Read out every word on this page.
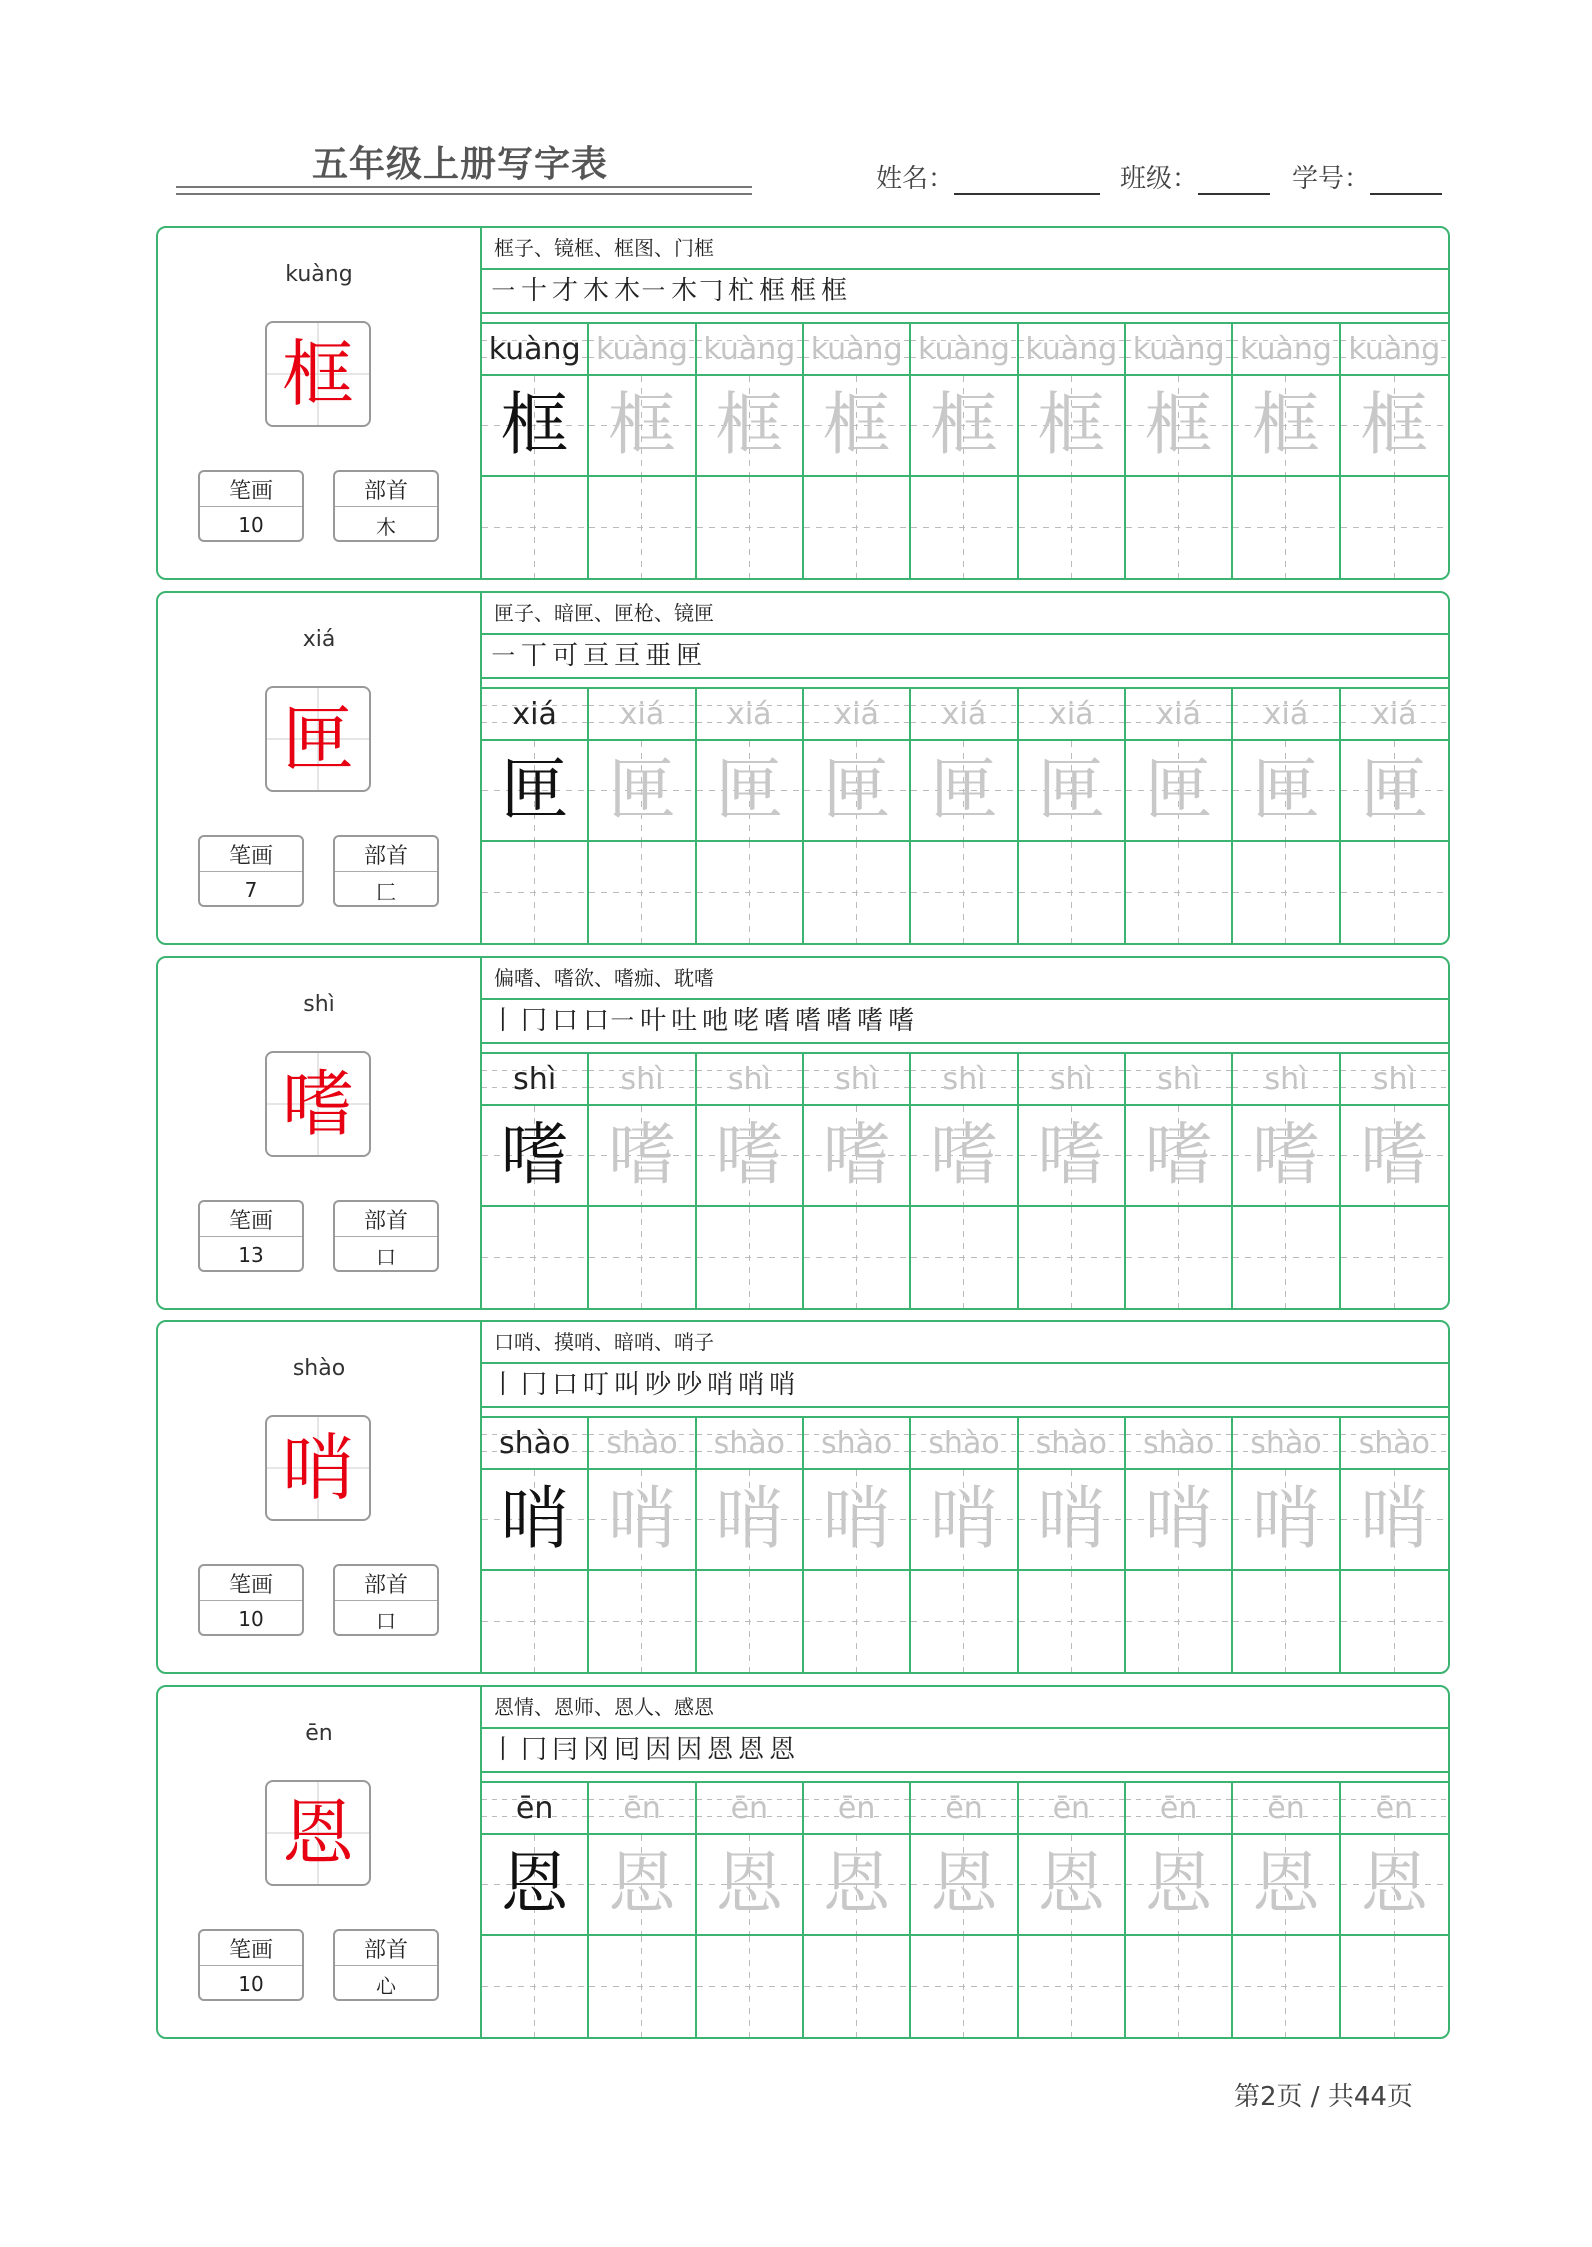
五年级上册写字表	姓名：	班级：	学号：
kuàng
框
笔画
10
部首
木
框子、镜框、框图、门框
㇐ 十 才 木 木㇐ 木𠃌 杧 框 框 框
kuàng kuàng kuàng kuàng kuàng kuàng kuàng kuàng kuàng
框 框 框 框 框 框 框 框 框
xiá
匣
笔画
7
部首
匚
匣子、暗匣、匣枪、镜匣
㇐ 丅 可 亘 亘 亜 匣
xiá	xiá	xiá	xiá	xiá	xiá	xiá	xiá	xiá
匣 匣 匣 匣 匣 匣 匣 匣 匣
shì
嗜
笔画
13
部首
口
偏嗜、嗜欲、嗜痂、耽嗜
丨 冂 口 口㇐ 叶 吐 吔 咾 嗜 嗜 嗜 嗜 嗜
shì	shì	shì	shì	shì	shì	shì	shì	shì
嗜 嗜 嗜 嗜 嗜 嗜 嗜 嗜 嗜
shào
哨
笔画
10
部首
口
口哨、摸哨、暗哨、哨子
丨 冂 口 叮 叫 吵 吵 哨 哨 哨
shào	shào	shào	shào	shào	shào	shào	shào	shào
哨 哨 哨 哨 哨 哨 哨 哨 哨
ēn
恩
笔画
10
部首
心
恩情、恩师、恩人、感恩
丨 冂 冃 冈 囘 因 因 恩 恩 恩
ēn	ēn	ēn	ēn	ēn	ēn	ēn	ēn	ēn
恩 恩 恩 恩 恩 恩 恩 恩 恩
第2页 / 共44页
